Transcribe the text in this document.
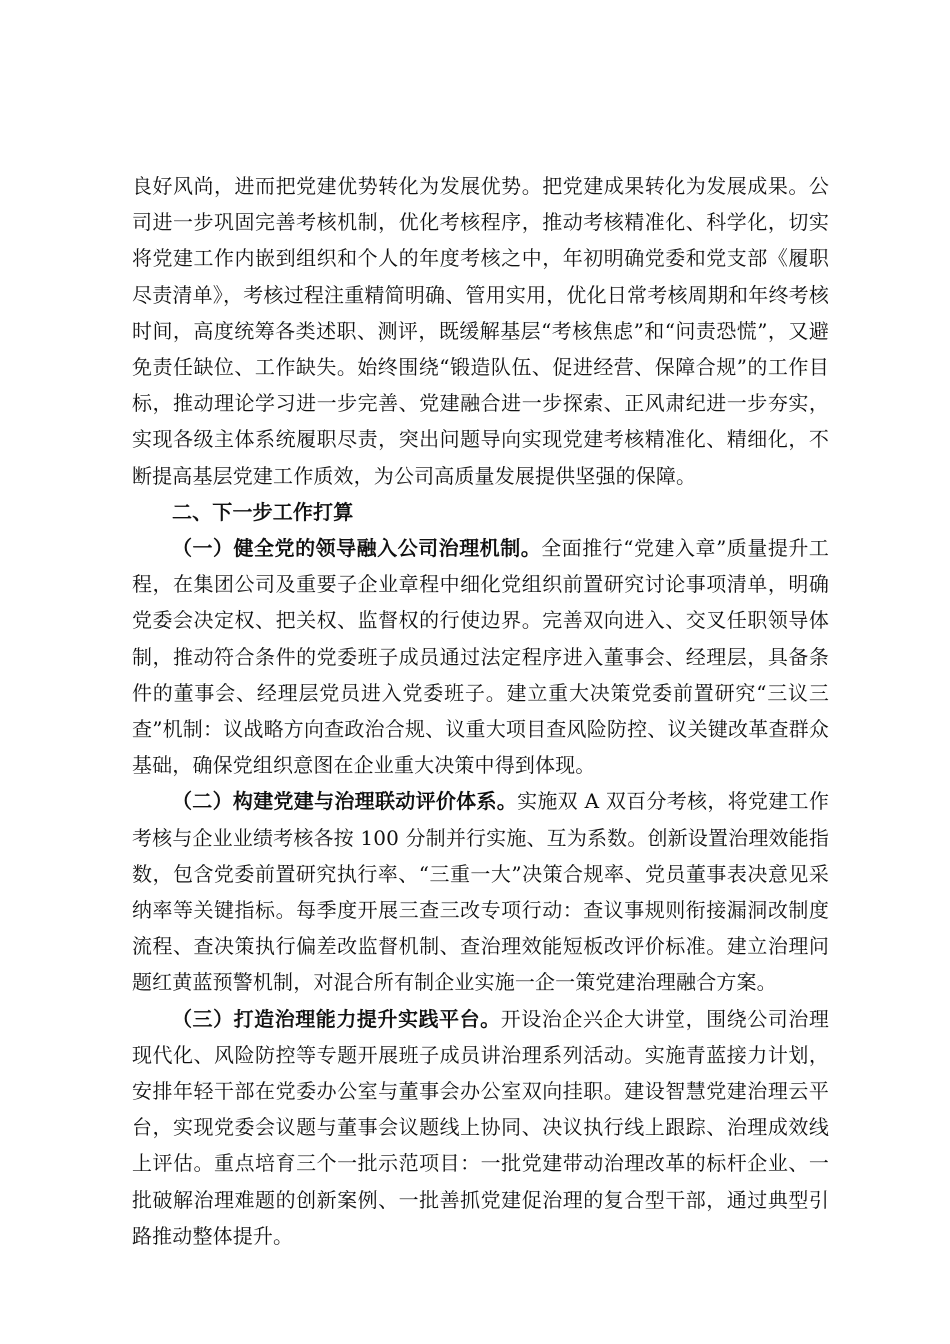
良好风尚，进而把党建优势转化为发展优势。把党建成果转化为发展成果。公司进一步巩固完善考核机制，优化考核程序，推动考核精准化、科学化，切实将党建工作内嵌到组织和个人的年度考核之中，年初明确党委和党支部《履职尽责清单》，考核过程注重精简明确、管用实用，优化日常考核周期和年终考核时间，高度统筹各类述职、测评，既缓解基层“考核焦虑”和“问责恐慌”，又避免责任缺位、工作缺失。始终围绕“锻造队伍、促进经营、保障合规”的工作目标，推动理论学习进一步完善、党建融合进一步探索、正风肃纪进一步夯实，实现各级主体系统履职尽责，突出问题导向实现党建考核精准化、精细化，不断提高基层党建工作质效，为公司高质量发展提供坚强的保障。

二、下一步工作打算

（一）健全党的领导融入公司治理机制。全面推行“党建入章”质量提升工程，在集团公司及重要子企业章程中细化党组织前置研究讨论事项清单，明确党委会决定权、把关权、监督权的行使边界。完善双向进入、交叉任职领导体制，推动符合条件的党委班子成员通过法定程序进入董事会、经理层，具备条件的董事会、经理层党员进入党委班子。建立重大决策党委前置研究“三议三查”机制：议战略方向查政治合规、议重大项目查风险防控、议关键改革查群众基础，确保党组织意图在企业重大决策中得到体现。

（二）构建党建与治理联动评价体系。实施双 A 双百分考核，将党建工作考核与企业业绩考核各按 100 分制并行实施、互为系数。创新设置治理效能指数，包含党委前置研究执行率、“三重一大”决策合规率、党员董事表决意见采纳率等关键指标。每季度开展三查三改专项行动：查议事规则衔接漏洞改制度流程、查决策执行偏差改监督机制、查治理效能短板改评价标准。建立治理问题红黄蓝预警机制，对混合所有制企业实施一企一策党建治理融合方案。

（三）打造治理能力提升实践平台。开设治企兴企大讲堂，围绕公司治理现代化、风险防控等专题开展班子成员讲治理系列活动。实施青蓝接力计划，安排年轻干部在党委办公室与董事会办公室双向挂职。建设智慧党建治理云平台，实现党委会议题与董事会议题线上协同、决议执行线上跟踪、治理成效线上评估。重点培育三个一批示范项目：一批党建带动治理改革的标杆企业、一批破解治理难题的创新案例、一批善抓党建促治理的复合型干部，通过典型引路推动整体提升。
